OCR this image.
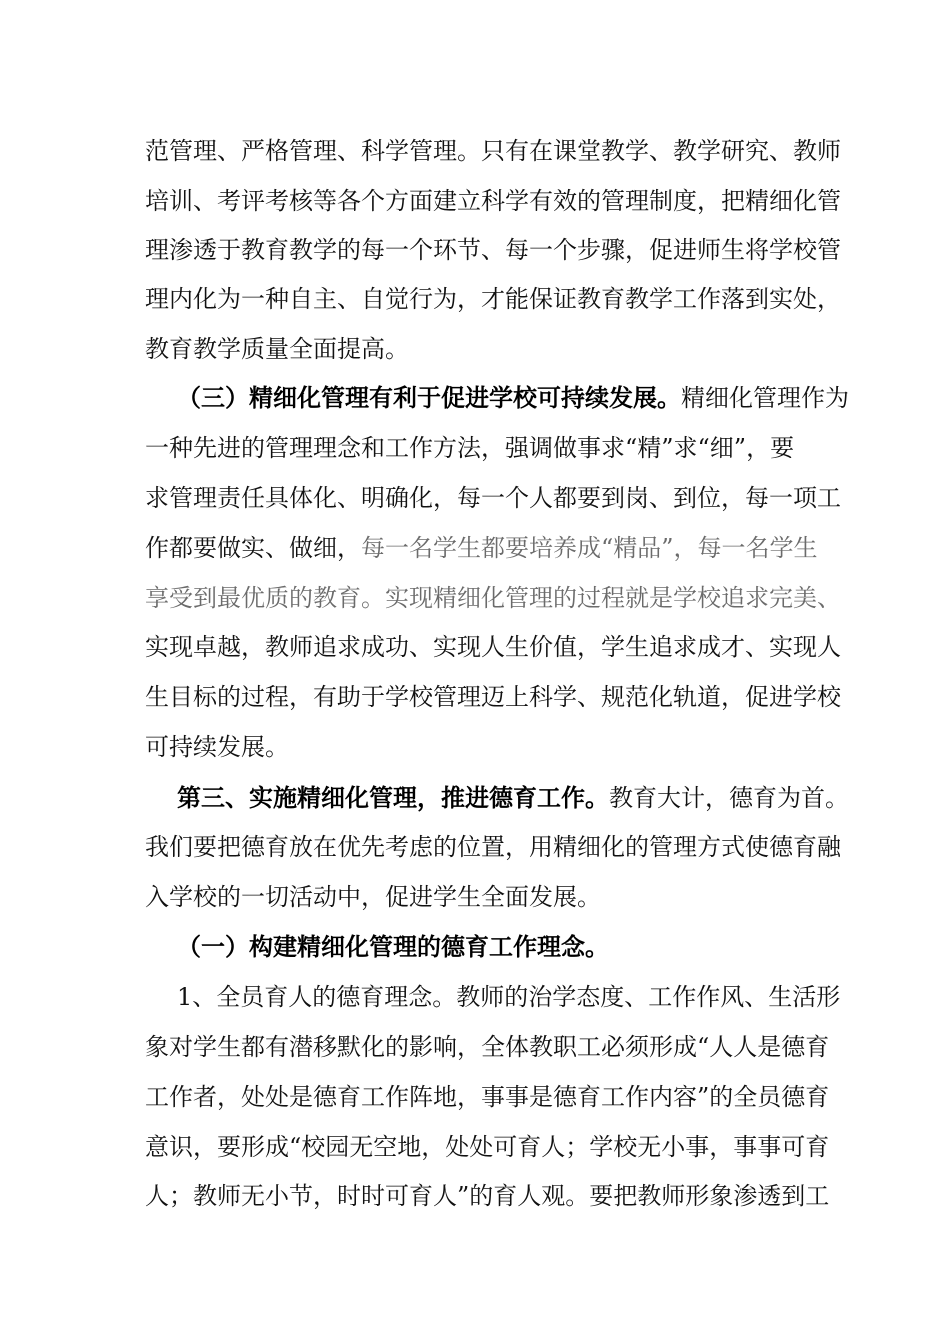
范管理、严格管理、科学管理。只有在课堂教学、教学研究、教师
培训、考评考核等各个方面建立科学有效的管理制度，把精细化管
理渗透于教育教学的每一个环节、每一个步骤，促进师生将学校管
理内化为一种自主、自觉行为，才能保证教育教学工作落到实处，
教育教学质量全面提高。
（三）精细化管理有利于促进学校可持续发展。精细化管理作为
一种先进的管理理念和工作方法，强调做事求“精”求“细”，要
求管理责任具体化、明确化，每一个人都要到岗、到位，每一项工
作都要做实、做细，每一名学生都要培养成“精品”，每一名学生
享受到最优质的教育。实现精细化管理的过程就是学校追求完美、
实现卓越，教师追求成功、实现人生价值，学生追求成才、实现人
生目标的过程，有助于学校管理迈上科学、规范化轨道，促进学校
可持续发展。
第三、实施精细化管理，推进德育工作。教育大计，德育为首。
我们要把德育放在优先考虑的位置，用精细化的管理方式使德育融
入学校的一切活动中，促进学生全面发展。
（一）构建精细化管理的德育工作理念。
1、全员育人的德育理念。教师的治学态度、工作作风、生活形
象对学生都有潜移默化的影响，全体教职工必须形成“人人是德育
工作者，处处是德育工作阵地，事事是德育工作内容”的全员德育
意识，要形成“校园无空地，处处可育人；学校无小事，事事可育
人；教师无小节，时时可育人”的育人观。要把教师形象渗透到工
